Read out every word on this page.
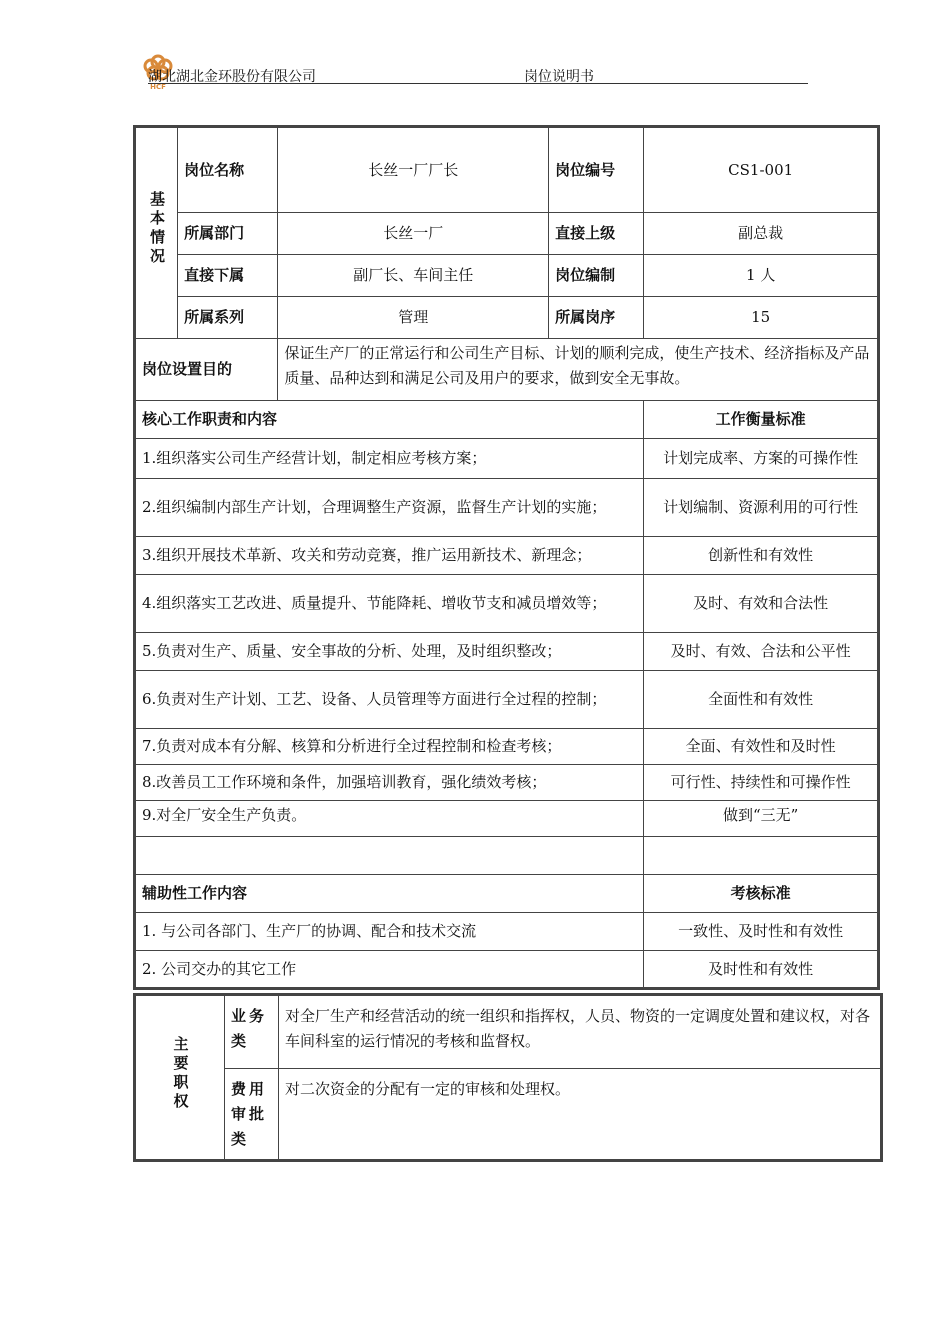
HCF
湖北湖北金环股份有限公司	岗位说明书
基本情况	岗位名称	长丝一厂厂长	岗位编号	CS1-001
	所属部门	长丝一厂	直接上级	副总裁
	直接下属	副厂长、车间主任	岗位编制	1 人
	所属系列	管理	所属岗序	15
岗位设置目的		保证生产厂的正常运行和公司生产目标、计划的顺利完成，使生产技术、经济指标及产品质量、品种达到和满足公司及用户的要求，做到安全无事故。		
核心工作职责和内容				工作衡量标准
1.组织落实公司生产经营计划，制定相应考核方案；				计划完成率、方案的可操作性
2.组织编制内部生产计划，合理调整生产资源，监督生产计划的实施；				计划编制、资源利用的可行性
3.组织开展技术革新、攻关和劳动竞赛，推广运用新技术、新理念；				创新性和有效性
4.组织落实工艺改进、质量提升、节能降耗、增收节支和减员增效等；				及时、有效和合法性
5.负责对生产、质量、安全事故的分析、处理，及时组织整改；				及时、有效、合法和公平性
6.负责对生产计划、工艺、设备、人员管理等方面进行全过程的控制；				全面性和有效性
7.负责对成本有分解、核算和分析进行全过程控制和检查考核；				全面、有效性和及时性
8.改善员工工作环境和条件，加强培训教育，强化绩效考核；				可行性、持续性和可操作性
9.对全厂安全生产负责。				做到“三无”

辅助性工作内容				考核标准
1. 与公司各部门、生产厂的协调、配合和技术交流				一致性、及时性和有效性
2. 公司交办的其它工作				及时性和有效性
主要职权	业务类	对全厂生产和经营活动的统一组织和指挥权，人员、物资的一定调度处置和建议权，对各车间科室的运行情况的考核和监督权。
	费用审批类	对二次资金的分配有一定的审核和处理权。
